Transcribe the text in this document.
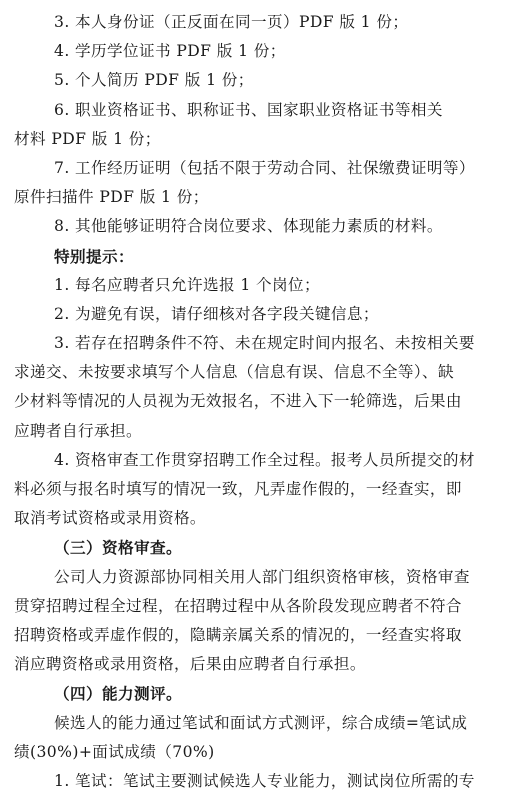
3. 本人身份证（正反面在同一页）PDF 版 1 份；
4. 学历学位证书 PDF 版 1 份；
5. 个人简历 PDF 版 1 份；
6. 职业资格证书、职称证书、国家职业资格证书等相关
材料 PDF 版 1 份；
7. 工作经历证明（包括不限于劳动合同、社保缴费证明等）
原件扫描件 PDF 版 1 份；
8. 其他能够证明符合岗位要求、体现能力素质的材料。
特别提示：
1. 每名应聘者只允许选报 1 个岗位；
2. 为避免有误，请仔细核对各字段关键信息；
3. 若存在招聘条件不符、未在规定时间内报名、未按相关要
求递交、未按要求填写个人信息（信息有误、信息不全等）、缺
少材料等情况的人员视为无效报名，不进入下一轮筛选，后果由
应聘者自行承担。
4. 资格审查工作贯穿招聘工作全过程。报考人员所提交的材
料必须与报名时填写的情况一致，凡弄虚作假的，一经查实，即
取消考试资格或录用资格。
（三）资格审查。
公司人力资源部协同相关用人部门组织资格审核，资格审查
贯穿招聘过程全过程，在招聘过程中从各阶段发现应聘者不符合
招聘资格或弄虚作假的，隐瞒亲属关系的情况的，一经查实将取
消应聘资格或录用资格，后果由应聘者自行承担。
（四）能力测评。
候选人的能力通过笔试和面试方式测评，综合成绩=笔试成
绩(30%)+面试成绩（70%)
1. 笔试：笔试主要测试候选人专业能力，测试岗位所需的专
